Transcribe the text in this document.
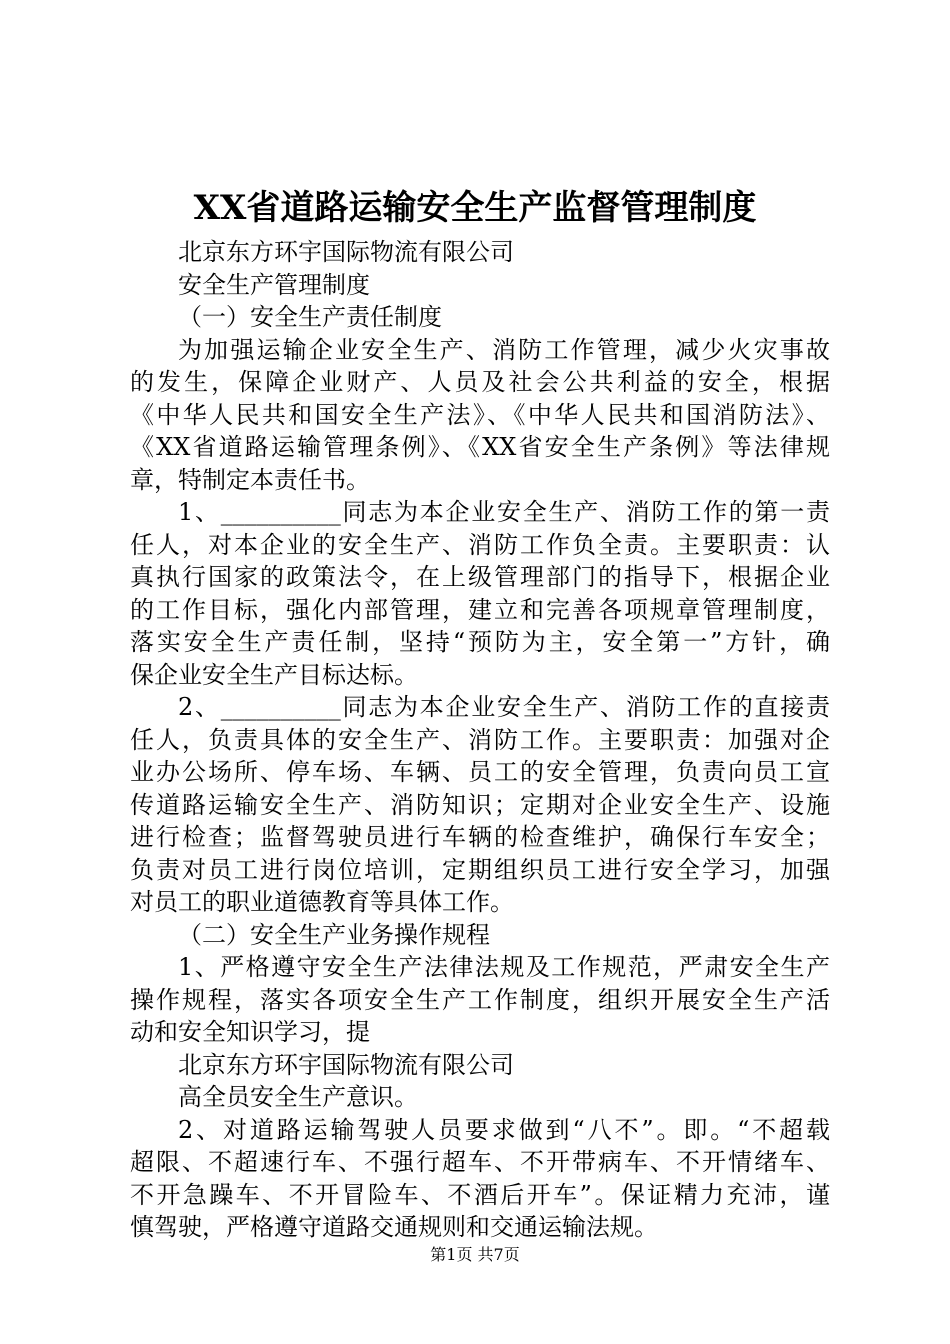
XX省道路运输安全生产监督管理制度

北京东方环宇国际物流有限公司

安全生产管理制度

（一）安全生产责任制度

为加强运输企业安全生产、消防工作管理，减少火灾事故

的发生，保障企业财产、人员及社会公共利益的安全，根据

《中华人民共和国安全生产法》、《中华人民共和国消防法》、

《XX省道路运输管理条例》、《XX省安全生产条例》等法律规

章，特制定本责任书。

1、__________同志为本企业安全生产、消防工作的第一责

任人，对本企业的安全生产、消防工作负全责。主要职责：认

真执行国家的政策法令，在上级管理部门的指导下，根据企业

的工作目标，强化内部管理，建立和完善各项规章管理制度，

落实安全生产责任制，坚持“预防为主，安全第一”方针，确

保企业安全生产目标达标。

2、__________同志为本企业安全生产、消防工作的直接责

任人，负责具体的安全生产、消防工作。主要职责：加强对企

业办公场所、停车场、车辆、员工的安全管理，负责向员工宣

传道路运输安全生产、消防知识；定期对企业安全生产、设施

进行检查；监督驾驶员进行车辆的检查维护，确保行车安全；

负责对员工进行岗位培训，定期组织员工进行安全学习，加强

对员工的职业道德教育等具体工作。

（二）安全生产业务操作规程

1、严格遵守安全生产法律法规及工作规范，严肃安全生产

操作规程，落实各项安全生产工作制度，组织开展安全生产活

动和安全知识学习，提

北京东方环宇国际物流有限公司

高全员安全生产意识。

2、对道路运输驾驶人员要求做到“八不”。即。“不超载

超限、不超速行车、不强行超车、不开带病车、不开情绪车、

不开急躁车、不开冒险车、不酒后开车”。保证精力充沛，谨

慎驾驶，严格遵守道路交通规则和交通运输法规。

第1页 共7页
